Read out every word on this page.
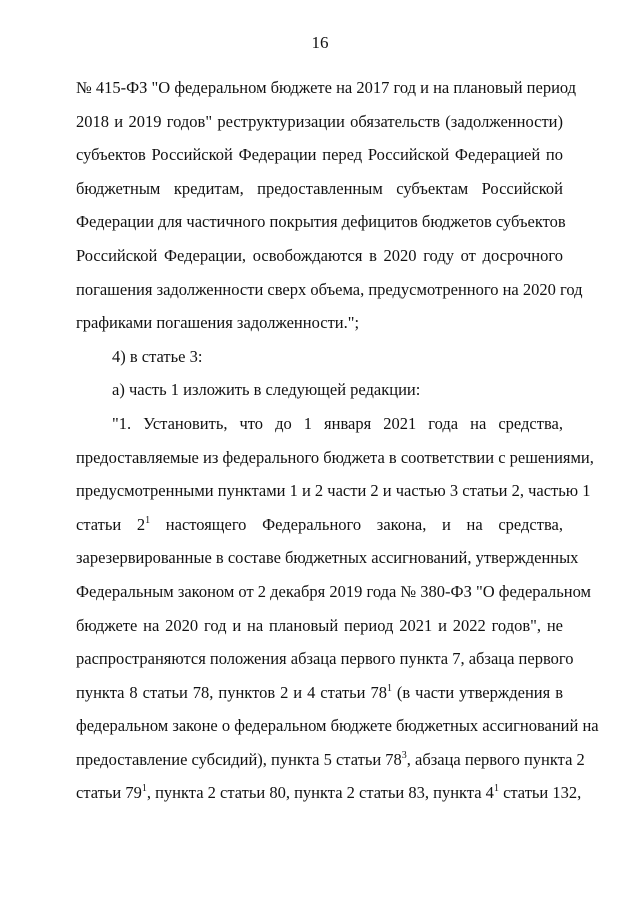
16
№ 415-ФЗ "О федеральном бюджете на 2017 год и на плановый период
2018 и 2019 годов" реструктуризации обязательств (задолженности)
субъектов Российской Федерации перед Российской Федерацией по
бюджетным кредитам, предоставленным субъектам Российской
Федерации для частичного покрытия дефицитов бюджетов субъектов
Российской Федерации, освобождаются в 2020 году от досрочного
погашения задолженности сверх объема, предусмотренного на 2020 год
графиками погашения задолженности.";
4) в статье 3:
а) часть 1 изложить в следующей редакции:
"1. Установить, что до 1 января 2021 года на средства,
предоставляемые из федерального бюджета в соответствии с решениями,
предусмотренными пунктами 1 и 2 части 2 и частью 3 статьи 2, частью 1
статьи $2^1$ настоящего Федерального закона, и на средства,
зарезервированные в составе бюджетных ассигнований, утвержденных
Федеральным законом от 2 декабря 2019 года № 380-ФЗ "О федеральном
бюджете на 2020 год и на плановый период 2021 и 2022 годов", не
распространяются положения абзаца первого пункта 7, абзаца первого
пункта 8 статьи 78, пунктов 2 и 4 статьи $78^1$ (в части утверждения в
федеральном законе о федеральном бюджете бюджетных ассигнований на
предоставление субсидий), пункта 5 статьи $78^3$, абзаца первого пункта 2
статьи $79^1$, пункта 2 статьи 80, пункта 2 статьи 83, пункта $4^1$ статьи 132,
